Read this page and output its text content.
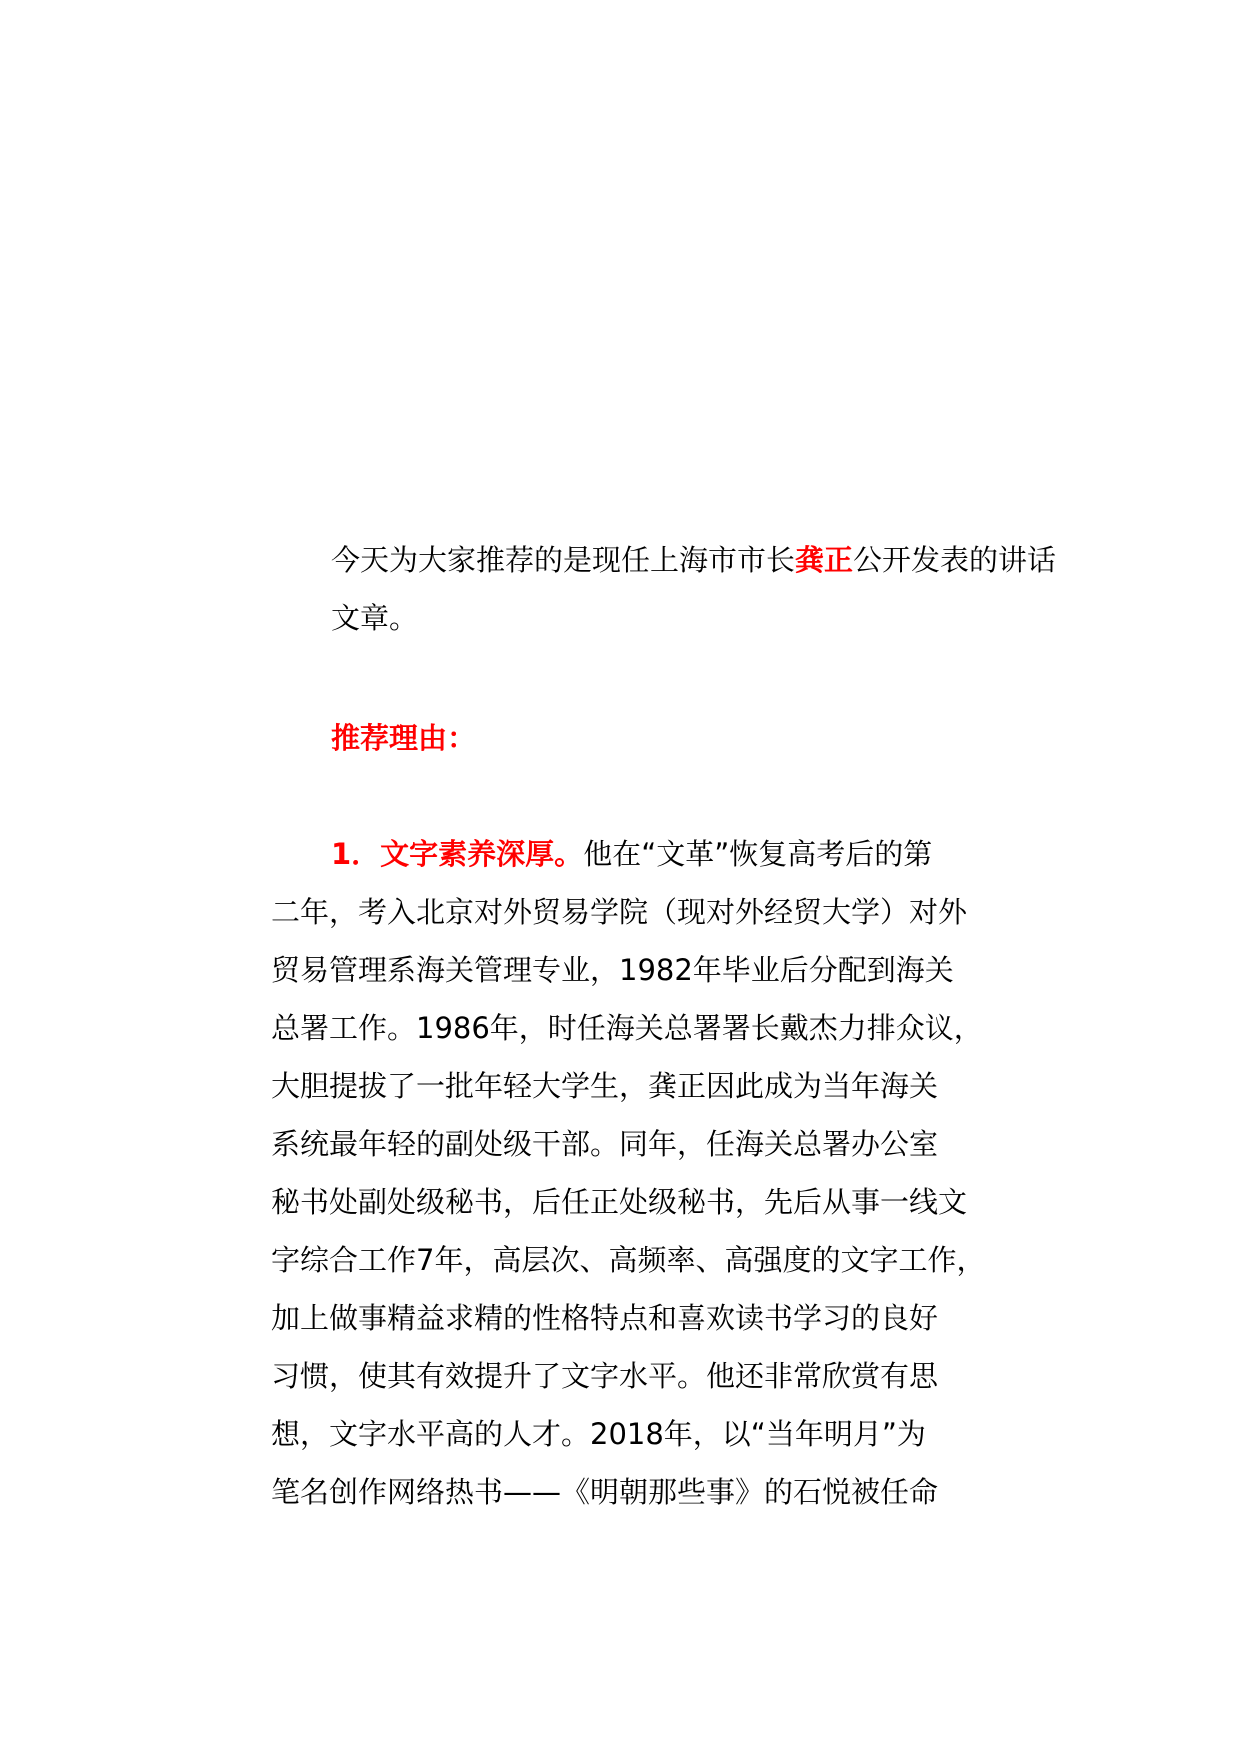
今天为大家推荐的是现任上海市市长龚正公开发表的讲话
文章。
推荐理由：
1．文字素养深厚。他在“文革”恢复高考后的第
二年，考入北京对外贸易学院（现对外经贸大学）对外
贸易管理系海关管理专业，1982年毕业后分配到海关
总署工作。1986年，时任海关总署署长戴杰力排众议，
大胆提拔了一批年轻大学生，龚正因此成为当年海关
系统最年轻的副处级干部。同年，任海关总署办公室
秘书处副处级秘书，后任正处级秘书，先后从事一线文
字综合工作7年，高层次、高频率、高强度的文字工作，
加上做事精益求精的性格特点和喜欢读书学习的良好
习惯，使其有效提升了文字水平。他还非常欣赏有思
想，文字水平高的人才。2018年，以“当年明月”为
笔名创作网络热书——《明朝那些事》的石悦被任命
